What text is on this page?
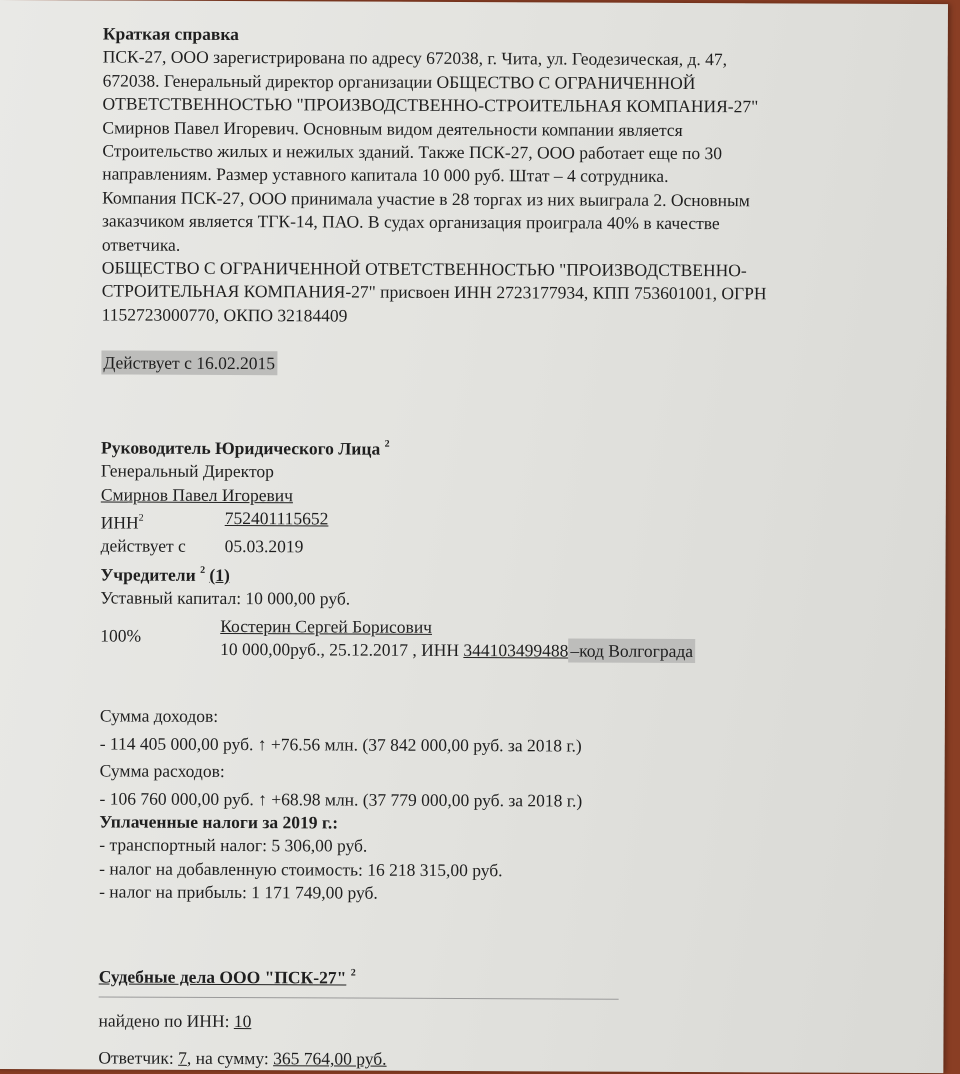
Краткая справка
ПСК-27, ООО зарегистрирована по адресу 672038, г. Чита, ул. Геодезическая, д. 47,
672038. Генеральный директор организации ОБЩЕСТВО С ОГРАНИЧЕННОЙ
ОТВЕТСТВЕННОСТЬЮ "ПРОИЗВОДСТВЕННО-СТРОИТЕЛЬНАЯ КОМПАНИЯ-27"
Смирнов Павел Игоревич. Основным видом деятельности компании является
Строительство жилых и нежилых зданий. Также ПСК-27, ООО работает еще по 30
направлениям. Размер уставного капитала 10 000 руб. Штат – 4 сотрудника.
Компания ПСК-27, ООО принимала участие в 28 торгах из них выиграла 2. Основным
заказчиком является ТГК-14, ПАО. В судах организация проиграла 40% в качестве
ответчика.
ОБЩЕСТВО С ОГРАНИЧЕННОЙ ОТВЕТСТВЕННОСТЬЮ "ПРОИЗВОДСТВЕННО-
СТРОИТЕЛЬНАЯ КОМПАНИЯ-27" присвоен ИНН 2723177934, КПП 753601001, ОГРН
1152723000770, ОКПО 32184409
Действует с 16.02.2015
Руководитель Юридического Лица $^2$
Генеральный Директор
Смирнов Павел Игоревич
ИНН$^2$	752401115652
действует с	05.03.2019
Учредители $^2$ (1)
Уставный капитал: 10 000,00 руб.
100%	Костерин Сергей Борисович
10 000,00руб., 25.12.2017 , ИНН 344103499488 –код Волгограда
Сумма доходов:
- 114 405 000,00 руб. ↑ +76.56 млн. (37 842 000,00 руб. за 2018 г.)
Сумма расходов:
- 106 760 000,00 руб. ↑ +68.98 млн. (37 779 000,00 руб. за 2018 г.)
Уплаченные налоги за 2019 г.:
- транспортный налог: 5 306,00 руб.
- налог на добавленную стоимость: 16 218 315,00 руб.
- налог на прибыль: 1 171 749,00 руб.
Судебные дела ООО "ПСК-27" $^2$
найдено по ИНН: 10
Ответчик: 7, на сумму: 365 764,00 руб.
